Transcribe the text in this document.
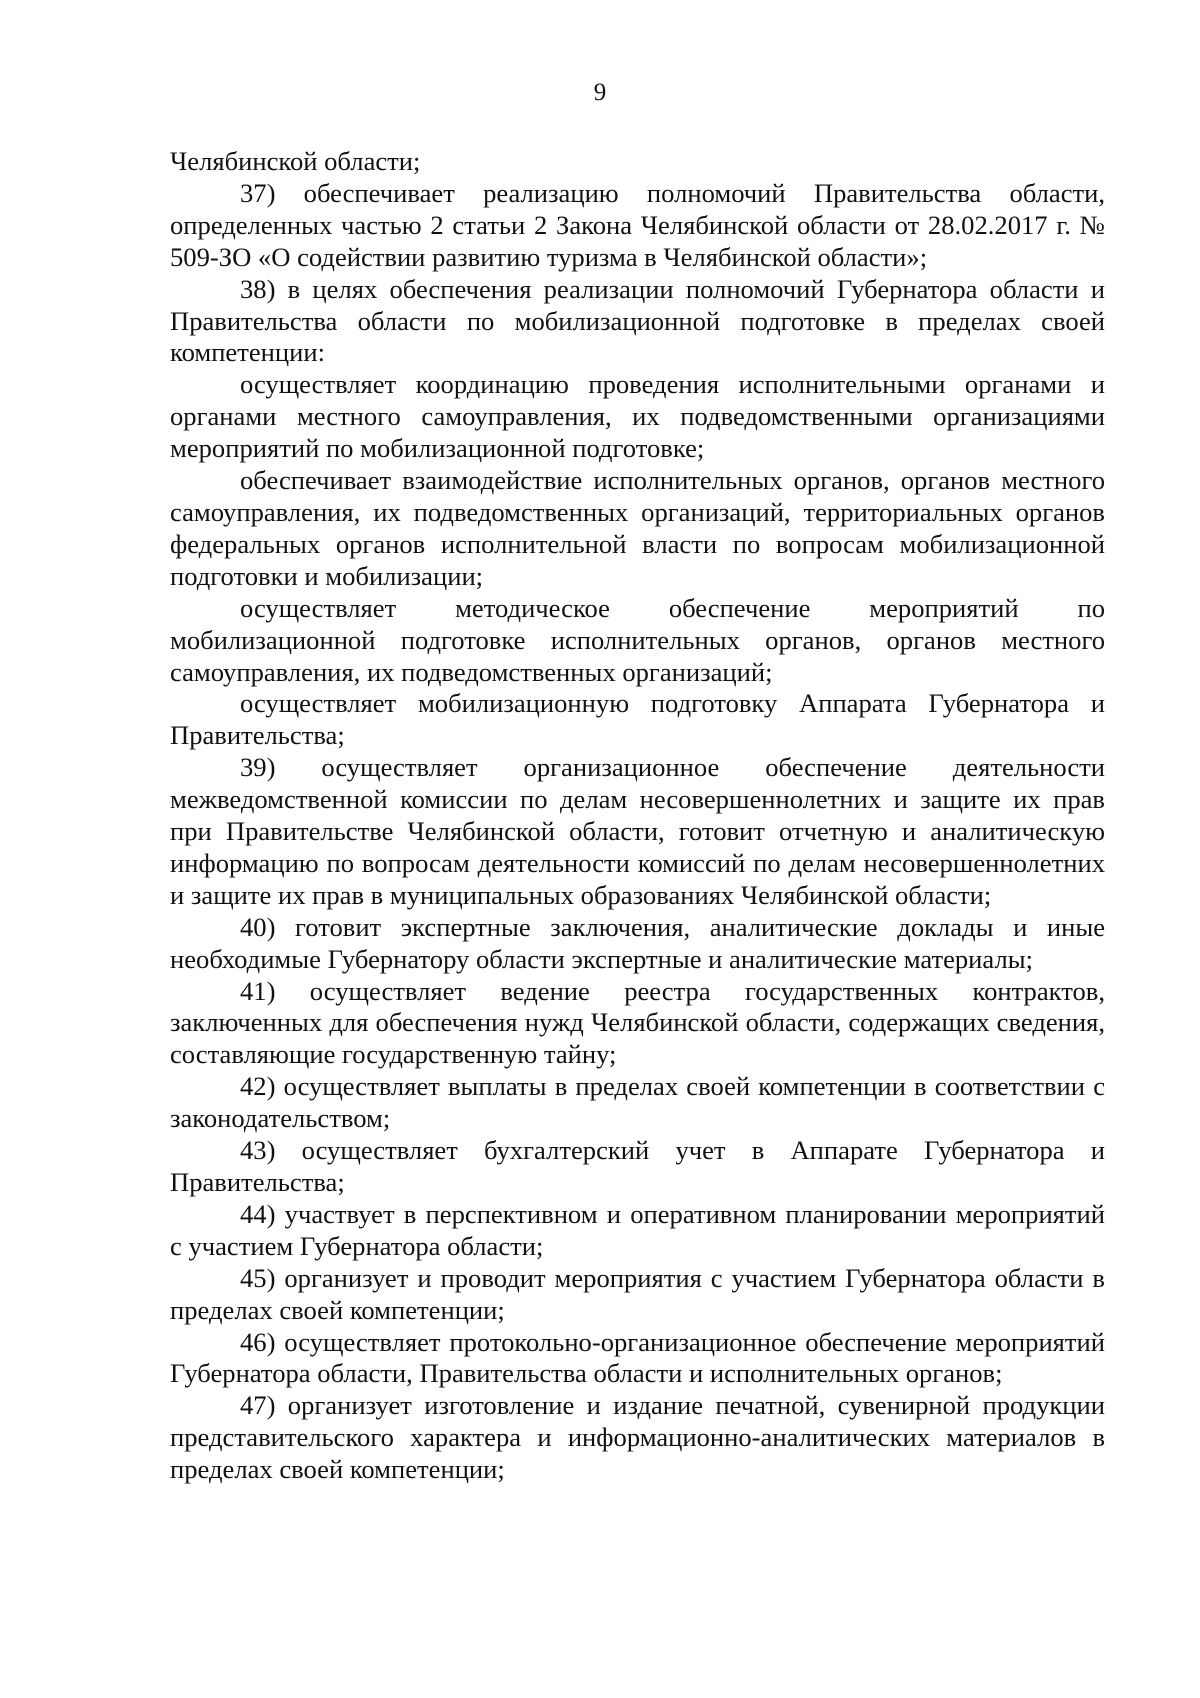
9

Челябинской области;

37) обеспечивает реализацию полномочий Правительства области, определенных частью 2 статьи 2 Закона Челябинской области от 28.02.2017 г. № 509-ЗО «О содействии развитию туризма в Челябинской области»;

38) в целях обеспечения реализации полномочий Губернатора области и Правительства области по мобилизационной подготовке в пределах своей компетенции:

осуществляет координацию проведения исполнительными органами и органами местного самоуправления, их подведомственными организациями мероприятий по мобилизационной подготовке;

обеспечивает взаимодействие исполнительных органов, органов местного самоуправления, их подведомственных организаций, территориальных органов федеральных органов исполнительной власти по вопросам мобилизационной подготовки и мобилизации;

осуществляет методическое обеспечение мероприятий по мобилизационной подготовке исполнительных органов, органов местного самоуправления, их подведомственных организаций;

осуществляет мобилизационную подготовку Аппарата Губернатора и Правительства;

39) осуществляет организационное обеспечение деятельности межведомственной комиссии по делам несовершеннолетних и защите их прав при Правительстве Челябинской области, готовит отчетную и аналитическую информацию по вопросам деятельности комиссий по делам несовершеннолетних и защите их прав в муниципальных образованиях Челябинской области;

40) готовит экспертные заключения, аналитические доклады и иные необходимые Губернатору области экспертные и аналитические материалы;

41) осуществляет ведение реестра государственных контрактов, заключенных для обеспечения нужд Челябинской области, содержащих сведения, составляющие государственную тайну;

42) осуществляет выплаты в пределах своей компетенции в соответствии с законодательством;

43) осуществляет бухгалтерский учет в Аппарате Губернатора и Правительства;

44) участвует в перспективном и оперативном планировании мероприятий с участием Губернатора области;

45) организует и проводит мероприятия с участием Губернатора области в пределах своей компетенции;

46) осуществляет протокольно-организационное обеспечение мероприятий Губернатора области, Правительства области и исполнительных органов;

47) организует изготовление и издание печатной, сувенирной продукции представительского характера и информационно-аналитических материалов в пределах своей компетенции;
